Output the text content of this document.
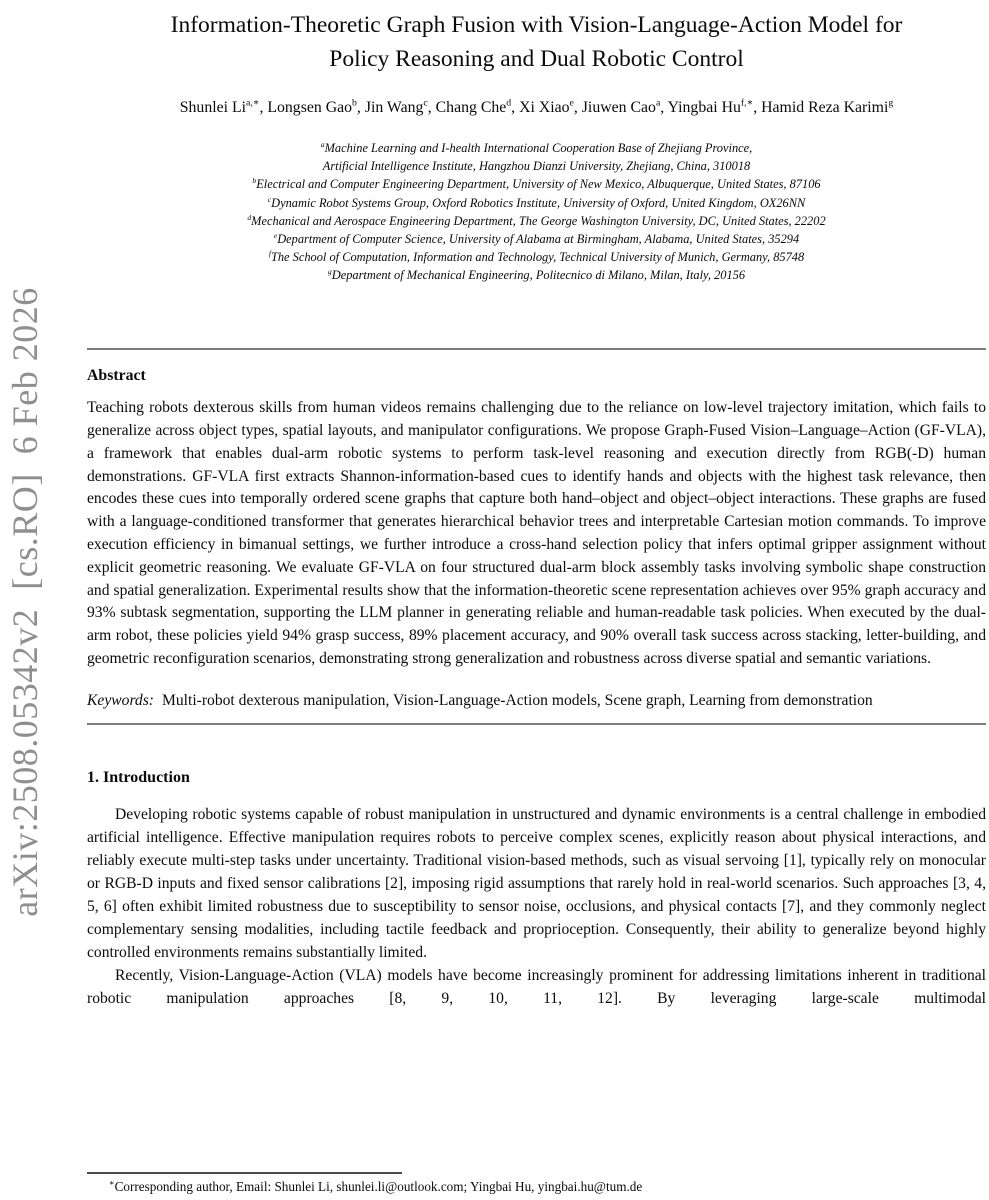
arXiv:2508.05342v2  [cs.RO]  6 Feb 2026
Information-Theoretic Graph Fusion with Vision-Language-Action Model for
Policy Reasoning and Dual Robotic Control
Shunlei $Li^{a,∗}$, Longsen Gao$^b$, Jin Wang$^c$, Chang Che$^d$, Xi Xiao$^e$, Jiuwen Cao$^a$, Yingbai $Hu^{f,∗}$, Hamid Reza Karimi$^g$
$^a$Machine Learning and I-health International Cooperation Base of Zhejiang Province,
Artificial Intelligence Institute, Hangzhou Dianzi University, Zhejiang, China, 310018
$^b$Electrical and Computer Engineering Department, University of New Mexico, Albuquerque, United States, 87106
$^c$Dynamic Robot Systems Group, Oxford Robotics Institute, University of Oxford, United Kingdom, OX26NN
$^d$Mechanical and Aerospace Engineering Department, The George Washington University, DC, United States, 22202
$^e$Department of Computer Science, University of Alabama at Birmingham, Alabama, United States, 35294
$^f$The School of Computation, Information and Technology, Technical University of Munich, Germany, 85748
$^g$Department of Mechanical Engineering, Politecnico di Milano, Milan, Italy, 20156
Abstract

Teaching robots dexterous skills from human videos remains challenging due to the reliance on low-level trajectory imitation, which fails to generalize across object types, spatial layouts, and manipulator configurations. We propose Graph-Fused Vision–Language–Action (GF-VLA), a framework that enables dual-arm robotic systems to perform task-level reasoning and execution directly from RGB(-D) human demonstrations. GF-VLA first extracts Shannon-information-based cues to identify hands and objects with the highest task relevance, then encodes these cues into temporally ordered scene graphs that capture both hand–object and object–object interactions. These graphs are fused with a language-conditioned transformer that generates hierarchical behavior trees and interpretable Cartesian motion commands. To improve execution efficiency in bimanual settings, we further introduce a cross-hand selection policy that infers optimal gripper assignment without explicit geometric reasoning. We evaluate GF-VLA on four structured dual-arm block assembly tasks involving symbolic shape construction and spatial generalization. Experimental results show that the information-theoretic scene representation achieves over 95% graph accuracy and 93% subtask segmentation, supporting the LLM planner in generating reliable and human-readable task policies. When executed by the dual-arm robot, these policies yield 94% grasp success, 89% placement accuracy, and 90% overall task success across stacking, letter-building, and geometric reconfiguration scenarios, demonstrating strong generalization and robustness across diverse spatial and semantic variations.

Keywords: Multi-robot dexterous manipulation, Vision-Language-Action models, Scene graph, Learning from demonstration
1. Introduction

Developing robotic systems capable of robust manipulation in unstructured and dynamic environments is a central challenge in embodied artificial intelligence. Effective manipulation requires robots to perceive complex scenes, explicitly reason about physical interactions, and reliably execute multi-step tasks under uncertainty. Traditional vision-based methods, such as visual servoing [1], typically rely on monocular or RGB-D inputs and fixed sensor calibrations [2], imposing rigid assumptions that rarely hold in real-world scenarios. Such approaches [3, 4, 5, 6] often exhibit limited robustness due to susceptibility to sensor noise, occlusions, and physical contacts [7], and they commonly neglect complementary sensing modalities, including tactile feedback and proprioception. Consequently, their ability to generalize beyond highly controlled environments remains substantially limited.

Recently, Vision-Language-Action (VLA) models have become increasingly prominent for addressing limitations inherent in traditional robotic manipulation approaches [8, 9, 10, 11, 12]. By leveraging large-scale multimodal

∗Corresponding author, Email: Shunlei Li, shunlei.li@outlook.com; Yingbai Hu, yingbai.hu@tum.de
